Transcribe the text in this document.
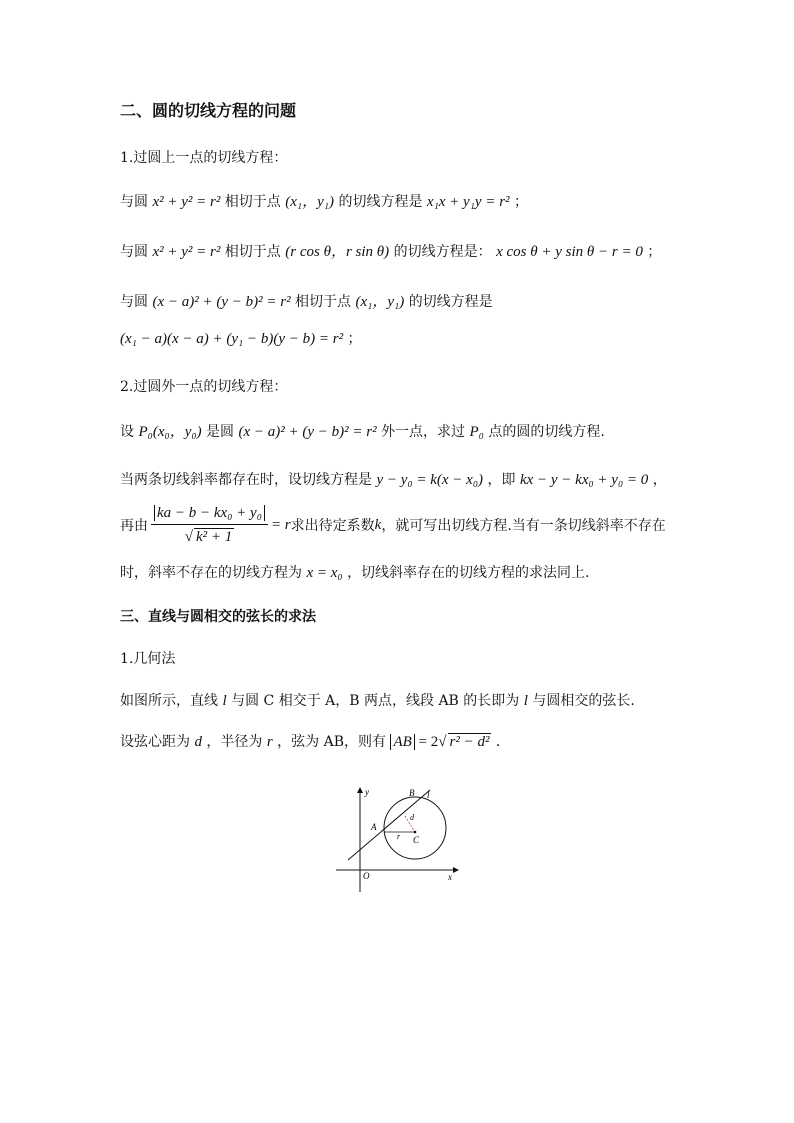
二、圆的切线方程的问题
1.过圆上一点的切线方程：
与圆 x² + y² = r² 相切于点 (x₁，y₁) 的切线方程是 x₁x + y₁y = r² ；
与圆 x² + y² = r² 相切于点 (r cos θ，r sin θ) 的切线方程是： x cos θ + y sin θ − r = 0 ；
与圆 (x − a)² + (y − b)² = r² 相切于点 (x₁，y₁) 的切线方程是
(x₁ − a)(x − a) + (y₁ − b)(y − b) = r² ；
2.过圆外一点的切线方程：
设 P₀(x₀，y₀) 是圆 (x − a)² + (y − b)² = r² 外一点，求过 P₀ 点的圆的切线方程.
当两条切线斜率都存在时，设切线方程是 y − y₀ = k(x − x₀) ，即 kx − y − kx₀ + y₀ = 0 ，
再由 $\frac{\text{ka − b − kx₀ + y₀}}{\text{√ k² + 1}} = r$ 求出待定系数 k ，就可写出切线方程.当有一条切线斜率不存在
时，斜率不存在的切线方程为 x = x₀ ，切线斜率存在的切线方程的求法同上.
三、直线与圆相交的弦长的求法
1.几何法
如图所示，直线 l 与圆 C 相交于 A，B 两点，线段 AB 的长即为 l 与圆相交的弦长.
设弦心距为 d ，半径为 r ，弦为 AB，则有 AB = 2√ r² − d² .
y
x
O
A
B
C
l
d
r
